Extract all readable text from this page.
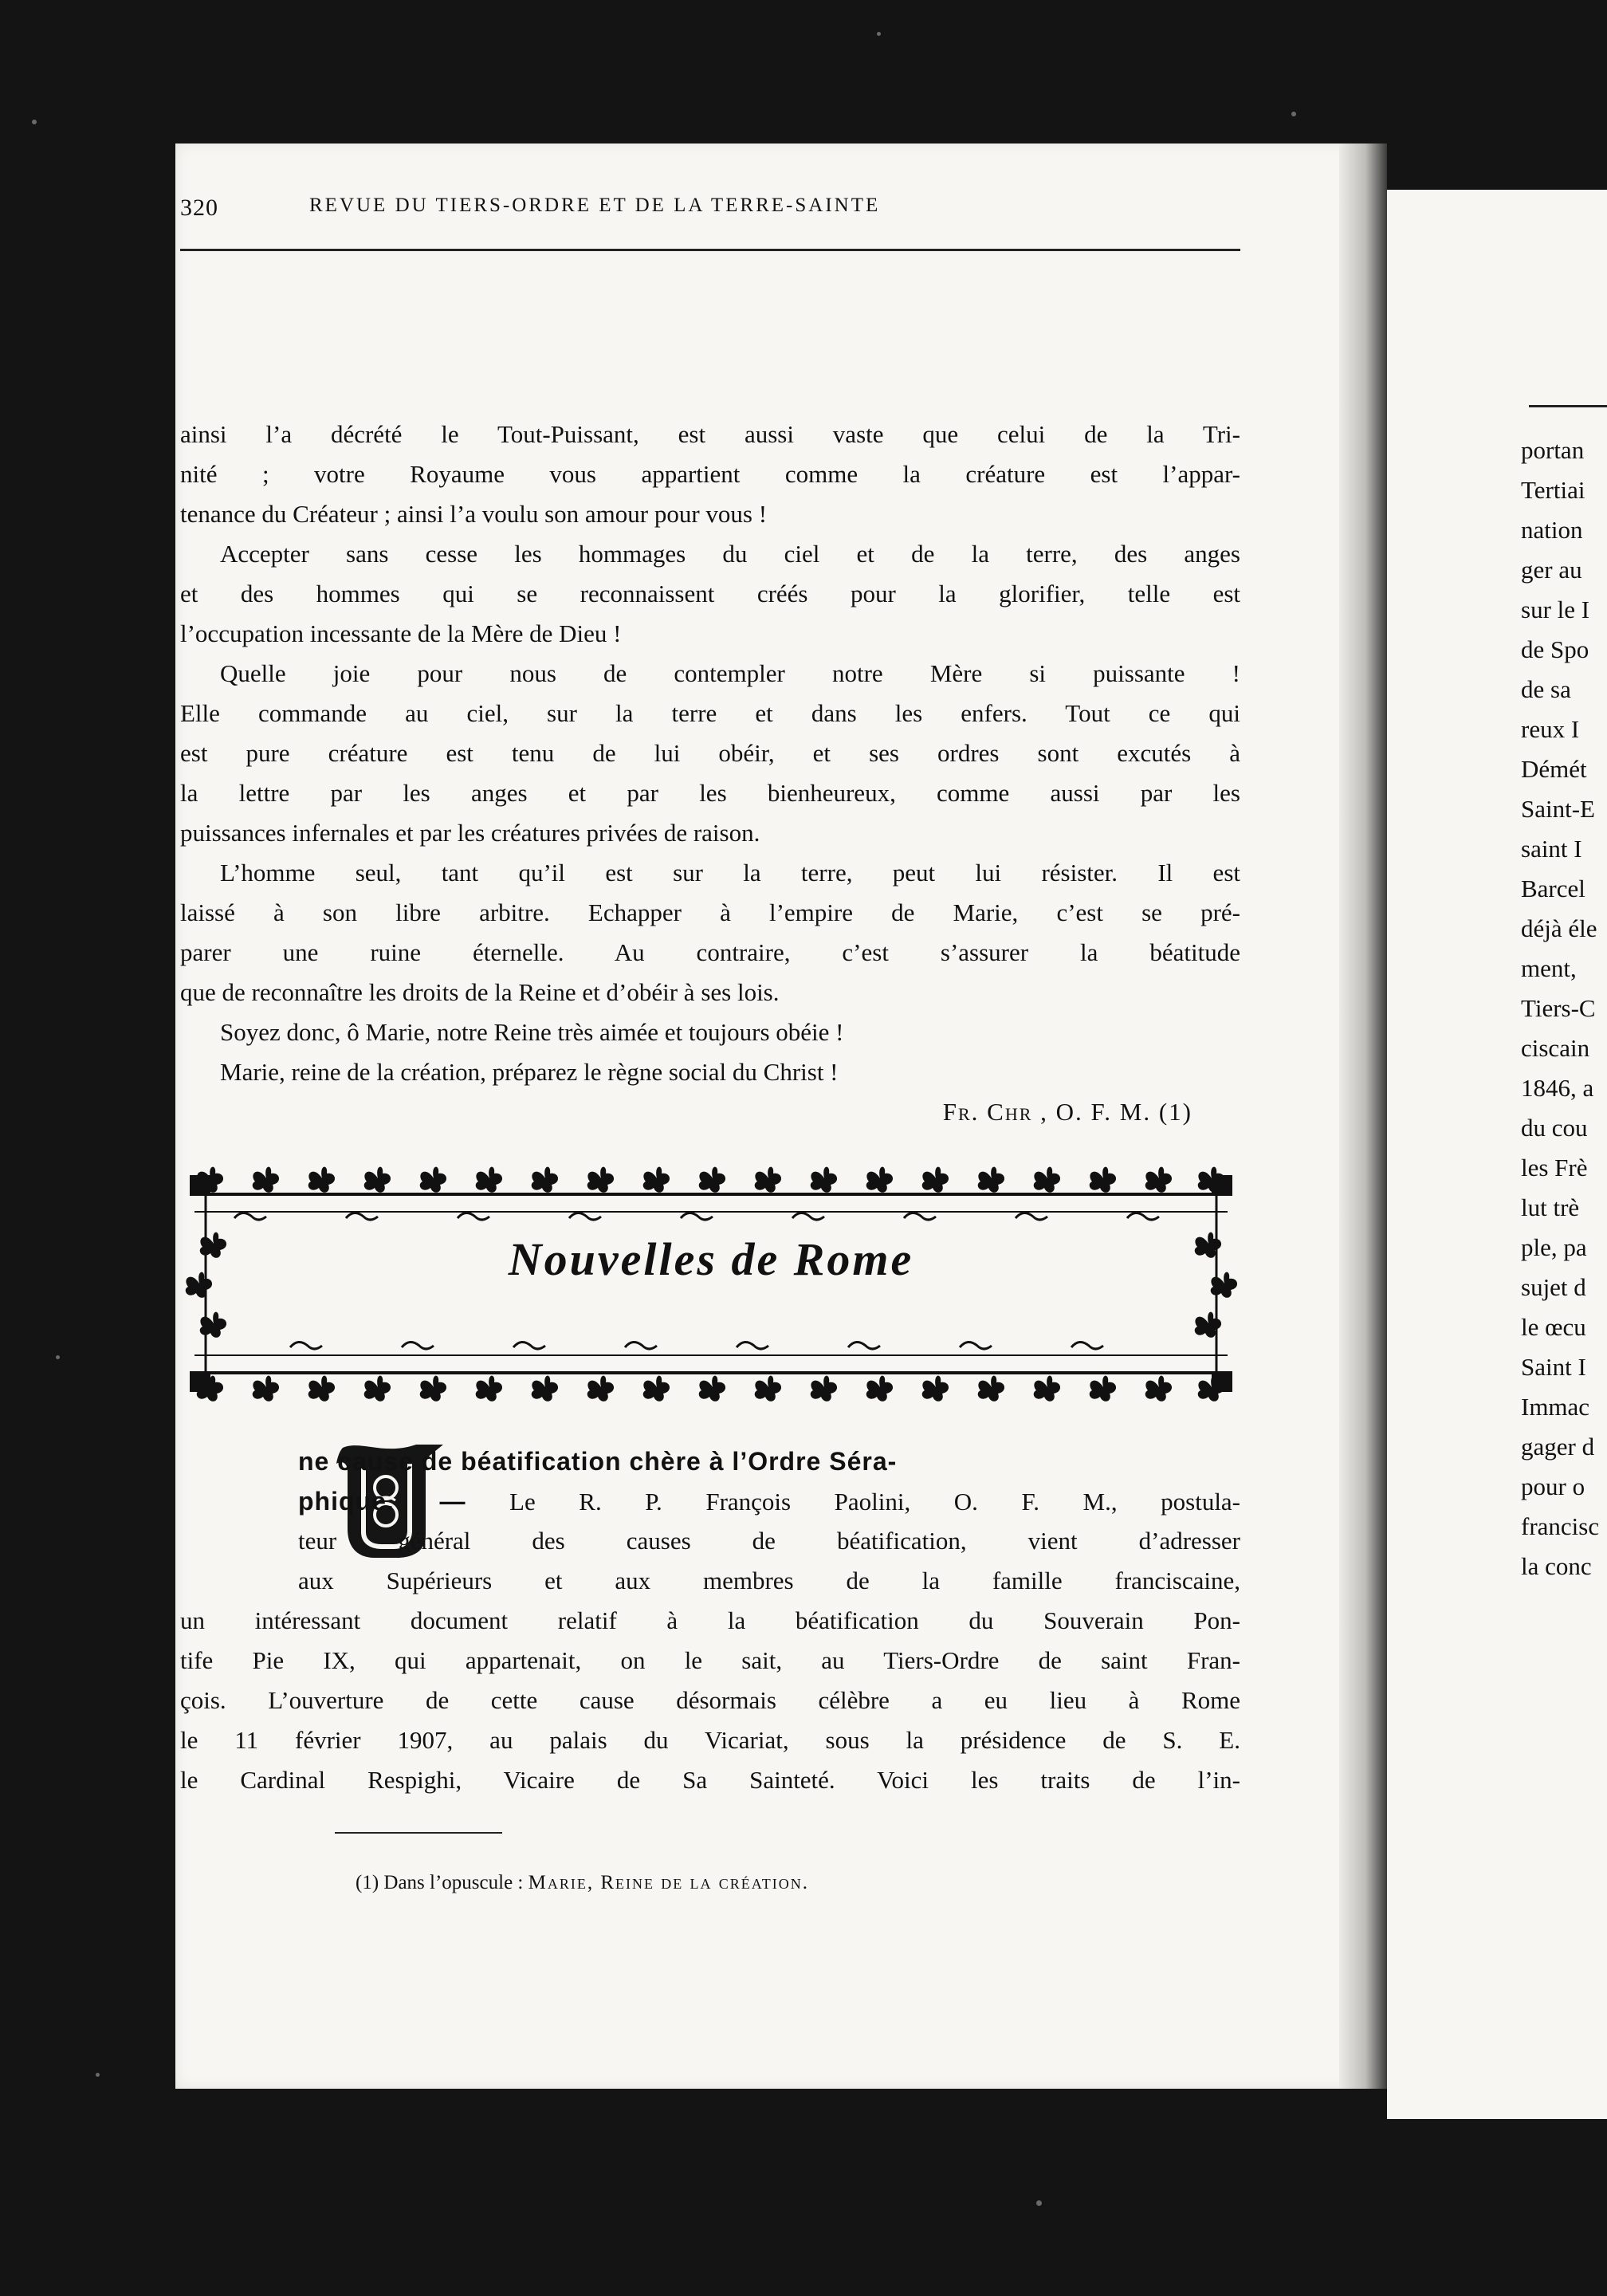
320	REVUE DU TIERS-ORDRE ET DE LA TERRE-SAINTE
ainsi l’a décrété le Tout-Puissant, est aussi vaste que celui de la Tri-
nité ; votre Royaume vous appartient comme la créature est l’appar-
tenance du Créateur ; ainsi l’a voulu son amour pour vous !
Accepter sans cesse les hommages du ciel et de la terre, des anges
et des hommes qui se reconnaissent créés pour la glorifier, telle est
l’occupation incessante de la Mère de Dieu !
Quelle joie pour nous de contempler notre Mère si puissante !
Elle commande au ciel, sur la terre et dans les enfers. Tout ce qui
est pure créature est tenu de lui obéir, et ses ordres sont excutés à
la lettre par les anges et par les bienheureux, comme aussi par les
puissances infernales et par les créatures privées de raison.
L’homme seul, tant qu’il est sur la terre, peut lui résister. Il est
laissé à son libre arbitre. Echapper à l’empire de Marie, c’est se pré-
parer une ruine éternelle. Au contraire, c’est s’assurer la béatitude
que de reconnaître les droits de la Reine et d’obéir à ses lois.
Soyez donc, ô Marie, notre Reine très aimée et toujours obéie !
Marie, reine de la création, préparez le règne social du Christ !
Fr. Chr , O. F. M. (1)
Nouvelles de Rome
ne cause de béatification chère à l’Ordre Séra-
phique. — Le R. P. François Paolini, O. F. M., postula-
teur général des causes de béatification, vient d’adresser
aux Supérieurs et aux membres de la famille franciscaine,
un intéressant document relatif à la béatification du Souverain Pon-
tife Pie IX, qui appartenait, on le sait, au Tiers-Ordre de saint Fran-
çois. L’ouverture de cette cause désormais célèbre a eu lieu à Rome
le 11 février 1907, au palais du Vicariat, sous la présidence de S. E.
le Cardinal Respighi, Vicaire de Sa Sainteté. Voici les traits de l’in-
(1) Dans l’opuscule : Marie, Reine de la création.
portan
Tertiai
nation
ger au
sur le I
de Spo
de sa
reux I
Démét
Saint-E
saint I
Barcel
déjà éle
ment,
Tiers-C
ciscain
1846, a
du cou
les Frè
lut trè
ple, pa
sujet d
le œcu
Saint I
Immac
gager d
pour o
francisc
la conc
